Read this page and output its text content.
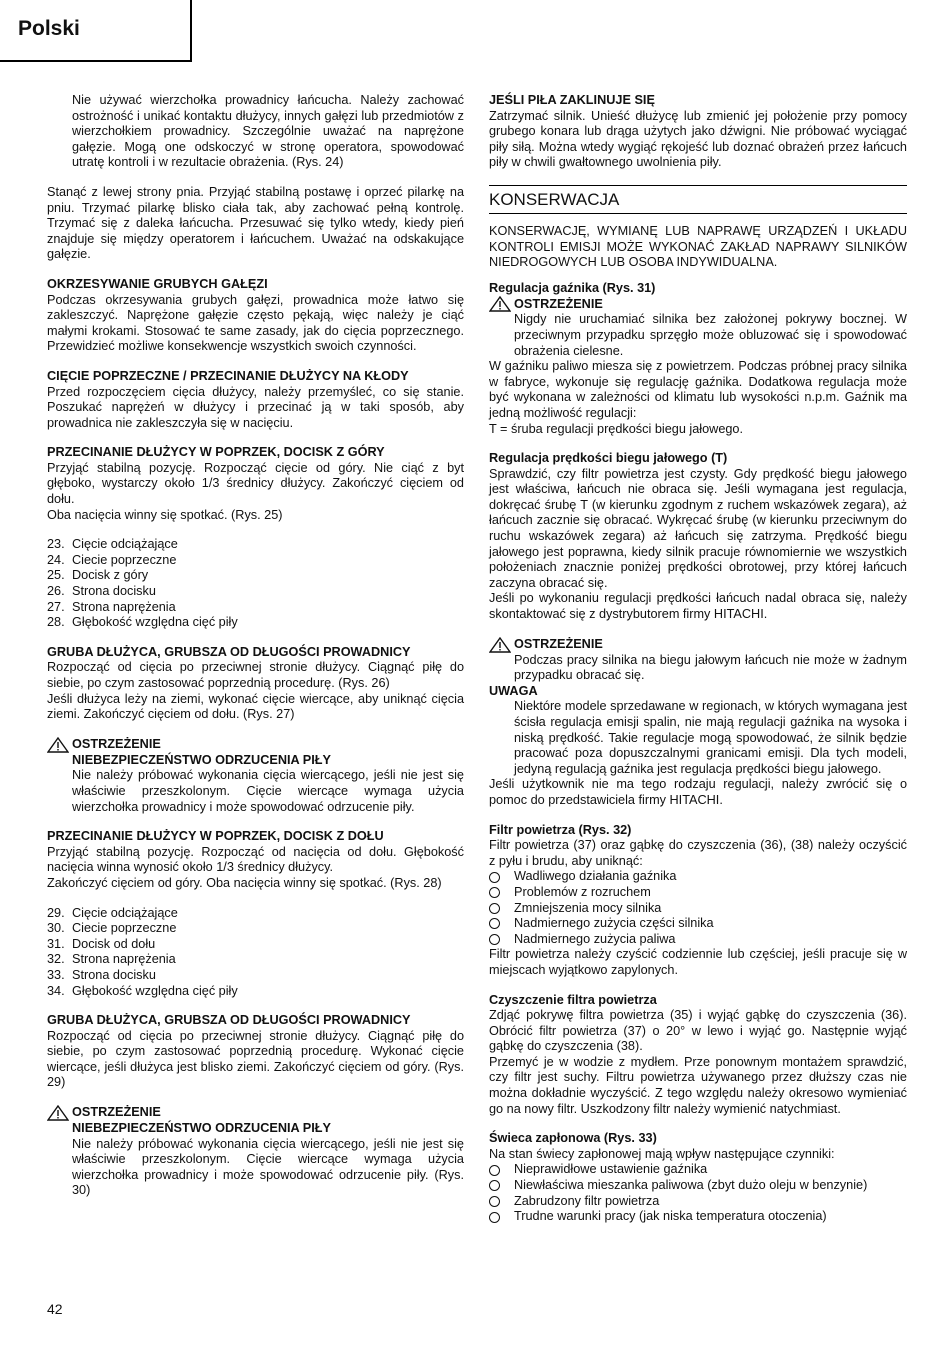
Polski

Nie używać wierzchołka prowadnicy łańcucha. Należy zachować ostrożność i unikać kontaktu dłużycy, innych gałęzi lub przedmiotów z wierzchołkiem prowadnicy. Szczególnie uważać na naprężone gałęzie. Mogą one odskoczyć w stronę operatora, spowodować utratę kontroli i w rezultacie obrażenia. (Rys. 24)

Stanąć z lewej strony pnia. Przyjąć stabilną postawę i oprzeć pilarkę na pniu. Trzymać pilarkę blisko ciała tak, aby zachować pełną kontrolę. Trzymać się z daleka łańcucha. Przesuwać się tylko wtedy, kiedy pień znajduje się między operatorem i łańcuchem. Uważać na odskakujące gałęzie.

OKRZESYWANIE GRUBYCH GAŁĘZI

Podczas okrzesywania grubych gałęzi, prowadnica może łatwo się zakleszczyć. Naprężone gałęzie często pękają, więc należy je ciąć małymi krokami. Stosować te same zasady, jak do cięcia poprzecznego. Przewidzieć możliwe konsekwencje wszystkich swoich czynności.

CIĘCIE POPRZECZNE / PRZECINANIE DŁUŻYCY NA KŁODY

Przed rozpoczęciem cięcia dłużycy, należy przemyśleć, co się stanie. Poszukać naprężeń w dłużycy i przecinać ją w taki sposób, aby prowadnica nie zakleszczyła się w nacięciu.

PRZECINANIE DŁUŻYCY W POPRZEK, DOCISK Z GÓRY

Przyjąć stabilną pozycję. Rozpocząć cięcie od góry. Nie ciąć z byt głęboko, wystarczy około 1/3 średnicy dłużycy. Zakończyć cięciem od dołu.

Oba nacięcia winny się spotkać. (Rys. 25)

23. Cięcie odciążające
24. Ciecie poprzeczne
25. Docisk z góry
26. Strona docisku
27. Strona naprężenia
28. Głębokość względna cięć piły

GRUBA DŁUŻYCA, GRUBSZA OD DŁUGOŚCI PROWADNICY

Rozpocząć od cięcia po przeciwnej stronie dłużycy. Ciągnąć piłę do siebie, po czym zastosować poprzednią procedurę. (Rys. 26)

Jeśli dłużyca leży na ziemi, wykonać cięcie wiercące, aby uniknąć cięcia ziemi. Zakończyć cięciem od dołu. (Rys. 27)

OSTRZEŻENIE
NIEBEZPIECZEŃSTWO ODRZUCENIA PIŁY
Nie należy próbować wykonania cięcia wiercącego, jeśli nie jest się właściwie przeszkolonym. Cięcie wiercące wymaga użycia wierzchołka prowadnicy i może spowodować odrzucenie piły.

PRZECINANIE DŁUŻYCY W POPRZEK, DOCISK Z DOŁU

Przyjąć stabilną pozycję. Rozpocząć od nacięcia od dołu. Głębokość nacięcia winna wynosić około 1/3 średnicy dłużycy.

Zakończyć cięciem od góry. Oba nacięcia winny się spotkać. (Rys. 28)

29. Cięcie odciążające
30. Ciecie poprzeczne
31. Docisk od dołu
32. Strona naprężenia
33. Strona docisku
34. Głębokość względna cięć piły

GRUBA DŁUŻYCA, GRUBSZA OD DŁUGOŚCI PROWADNICY

Rozpocząć od cięcia po przeciwnej stronie dłużycy. Ciągnąć piłę do siebie, po czym zastosować poprzednią procedurę. Wykonać cięcie wiercące, jeśli dłużyca jest blisko ziemi. Zakończyć cięciem od góry. (Rys. 29)

OSTRZEŻENIE
NIEBEZPIECZEŃSTWO ODRZUCENIA PIŁY
Nie należy próbować wykonania cięcia wiercącego, jeśli nie jest się właściwie przeszkolonym. Cięcie wiercące wymaga użycia wierzchołka prowadnicy i może spowodować odrzucenie piły. (Rys. 30)

JEŚLI PIŁA ZAKLINUJE SIĘ

Zatrzymać silnik. Unieść dłużycę lub zmienić jej położenie przy pomocy grubego konara lub drąga użytych jako dźwigni. Nie próbować wyciągać piły siłą. Można wtedy wygiąć rękojeść lub doznać obrażeń przez łańcuch piły w chwili gwałtownego uwolnienia piły.

KONSERWACJA

KONSERWACJĘ, WYMIANĘ LUB NAPRAWĘ URZĄDZEŃ I UKŁADU KONTROLI EMISJI MOŻE WYKONAĆ ZAKŁAD NAPRAWY SILNIKÓW NIEDROGOWYCH LUB OSOBA INDYWIDUALNA.

Regulacja gaźnika (Rys. 31)

OSTRZEŻENIE
Nigdy nie uruchamiać silnika bez założonej pokrywy bocznej. W przeciwnym przypadku sprzęgło może obluzować się i spowodować obrażenia cielesne.

W gaźniku paliwo miesza się z powietrzem. Podczas próbnej pracy silnika w fabryce, wykonuje się regulację gaźnika. Dodatkowa regulacja może być wykonana w zależności od klimatu lub wysokości n.p.m. Gaźnik ma jedną możliwość regulacji:

T = śruba regulacji prędkości biegu jałowego.

Regulacja prędkości biegu jałowego (T)

Sprawdzić, czy filtr powietrza jest czysty. Gdy prędkość biegu jałowego jest właściwa, łańcuch nie obraca się. Jeśli wymagana jest regulacja, dokręcać śrubę T (w kierunku zgodnym z ruchem wskazówek zegara), aż łańcuch zacznie się obracać. Wykręcać śrubę (w kierunku przeciwnym do ruchu wskazówek zegara) aż łańcuch się zatrzyma. Prędkość biegu jałowego jest poprawna, kiedy silnik pracuje równomiernie we wszystkich położeniach znacznie poniżej prędkości obrotowej, przy której łańcuch zaczyna obracać się.

Jeśli po wykonaniu regulacji prędkości łańcuch nadal obraca się, należy skontaktować się z dystrybutorem firmy HITACHI.

OSTRZEŻENIE
Podczas pracy silnika na biegu jałowym łańcuch nie może w żadnym przypadku obracać się.

UWAGA

Niektóre modele sprzedawane w regionach, w których wymagana jest ścisła regulacja emisji spalin, nie mają regulacji gaźnika na wysoka i niską prędkość. Takie regulacje mogą spowodować, że silnik będzie pracować poza dopuszczalnymi granicami emisji. Dla tych modeli, jedyną regulacją gaźnika jest regulacja prędkości biegu jałowego.

Jeśli użytkownik nie ma tego rodzaju regulacji, należy zwrócić się o pomoc do przedstawiciela firmy HITACHI.

Filtr powietrza (Rys. 32)

Filtr powietrza (37) oraz gąbkę do czyszczenia (36), (38) należy oczyścić z pyłu i brudu, aby uniknąć:

Wadliwego działania gaźnika
Problemów z rozruchem
Zmniejszenia mocy silnika
Nadmiernego zużycia części silnika
Nadmiernego zużycia paliwa

Filtr powietrza należy czyścić codziennie lub częściej, jeśli pracuje się w miejscach wyjątkowo zapylonych.

Czyszczenie filtra powietrza

Zdjąć pokrywę filtra powietrza (35) i wyjąć gąbkę do czyszczenia (36). Obrócić filtr powietrza (37) o 20° w lewo i wyjąć go. Następnie wyjąć gąbkę do czyszczenia (38).

Przemyć je w wodzie z mydłem. Prze ponownym montażem sprawdzić, czy filtr jest suchy. Filtru powietrza używanego przez dłuższy czas nie można dokładnie wyczyścić. Z tego względu należy okresowo wymieniać go na nowy filtr. Uszkodzony filtr należy wymienić natychmiast.

Świeca zapłonowa (Rys. 33)

Na stan świecy zapłonowej mają wpływ następujące czynniki:

Nieprawidłowe ustawienie gaźnika
Niewłaściwa mieszanka paliwowa (zbyt dużo oleju w benzynie)
Zabrudzony filtr powietrza
Trudne warunki pracy (jak niska temperatura otoczenia)
42
